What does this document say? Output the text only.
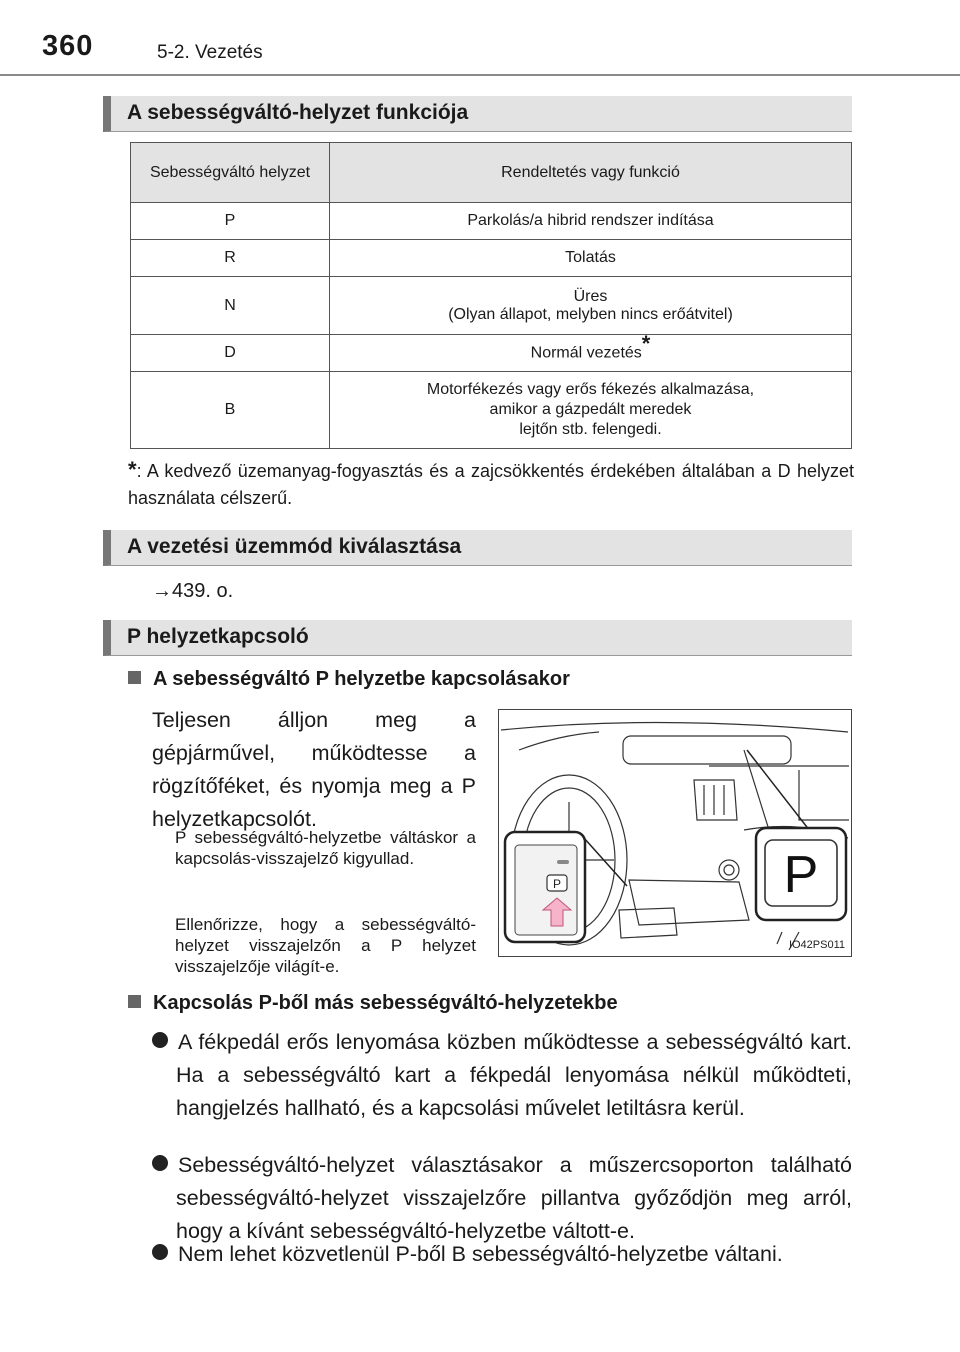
360	5-2. Vezetés
A sebességváltó-helyzet funkciója
Sebességváltó helyzet	Rendeltetés vagy funkció
P	Parkolás/a hibrid rendszer indítása
R	Tolatás
N	Üres
(Olyan állapot, melyben nincs erőátvitel)

D	Normál vezetés*
B	Motorfékezés vagy erős fékezés alkalmazása,
amikor a gázpedált meredek
lejtőn stb. felengedi.
*: A kedvező üzemanyag-fogyasztás és a zajcsökkentés érdekében általában a D helyzet használata célszerű.
A vezetési üzemmód kiválasztása
→439. o.
P helyzetkapcsoló
A sebességváltó P helyzetbe kapcsolásakor
Teljesen álljon meg a gépjárművel, működtesse a rögzítőféket, és nyomja meg a P helyzetkapcsolót.
P sebességváltó-helyzetbe váltáskor a kapcsolás-visszajelző kigyullad.
Ellenőrizze, hogy a sebességváltó-helyzet visszajelzőn a P helyzet visszajelzője világít-e.
P	P
IO42PS011
Kapcsolás P-ből más sebességváltó-helyzetekbe
A fékpedál erős lenyomása közben működtesse a sebességváltó kart. Ha a sebességváltó kart a fékpedál lenyomása nélkül működteti, hangjelzés hallható, és a kapcsolási művelet letiltásra kerül.
Sebességváltó-helyzet választásakor a műszercsoporton található sebességváltó-helyzet visszajelzőre pillantva győződjön meg arról, hogy a kívánt sebességváltó-helyzetbe váltott-e.
Nem lehet közvetlenül P-ből B sebességváltó-helyzetbe váltani.
